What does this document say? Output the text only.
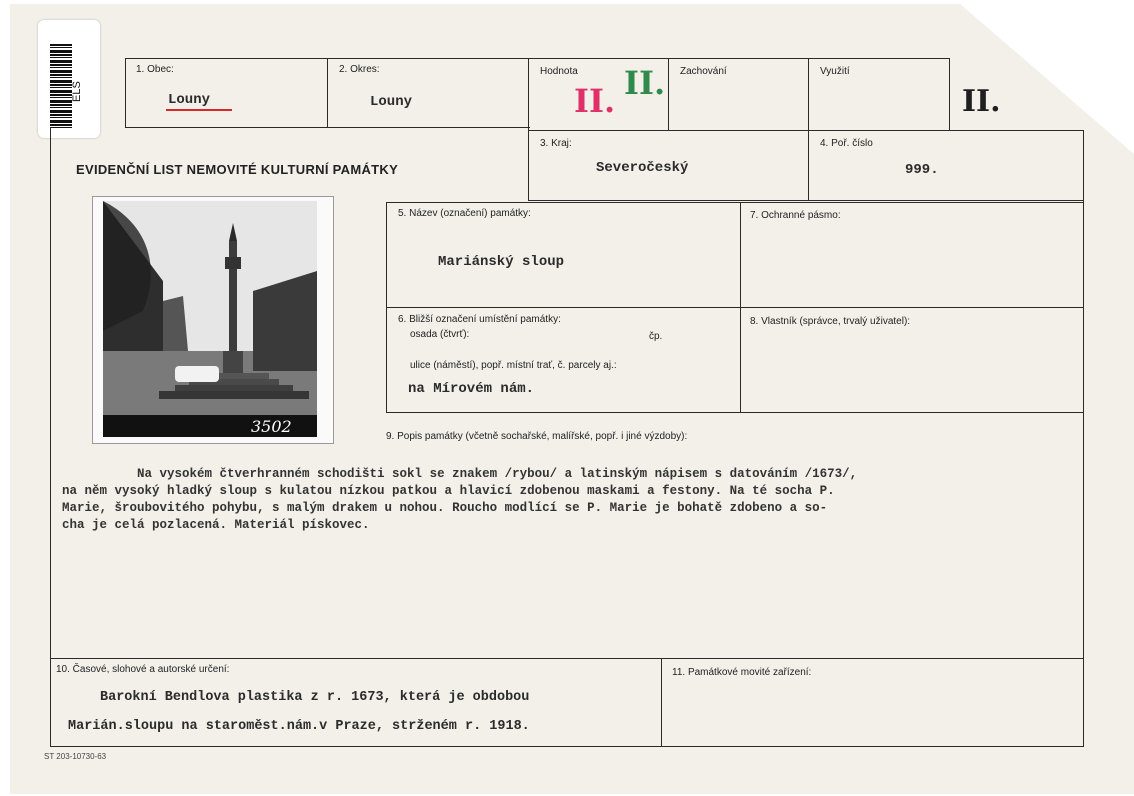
ELS
1. Obec:
Louny
2. Okres:
Louny
Hodnota
II. II. Zachování	Využití
II.
EVIDENČNÍ LIST NEMOVITÉ KULTURNÍ PAMÁTKY
3. Kraj:
Severočeský
4. Poř. číslo
999.
3502
5. Název (označení) památky:
Mariánský sloup
7. Ochranné pásmo:
6. Bližší označení umístění památky:
osada (čtvrť):	čp.
ulice (náměstí), popř. místní trať, č. parcely aj.:
na Mírovém nám.
8. Vlastník (správce, trvalý uživatel):
9. Popis památky (včetně sochařské, malířské, popř. i jiné výzdoby):
Na vysokém čtverhranném schodišti sokl se znakem /rybou/ a latinským nápisem s datováním /1673/,
na něm vysoký hladký sloup s kulatou nízkou patkou a hlavicí zdobenou maskami a festony. Na té socha P.
Marie, šroubovitého pohybu, s malým drakem u nohou. Roucho modlící se P. Marie je bohatě zdobeno a so-
cha je celá pozlacená. Materiál pískovec.
10. Časové, slohové a autorské určení:
Barokní Bendlova plastika z r. 1673, která je obdobou
Marián.sloupu na staroměst.nám.v Praze, strženém r. 1918.
11. Památkové movité zařízení:
ST 203-10730-63
